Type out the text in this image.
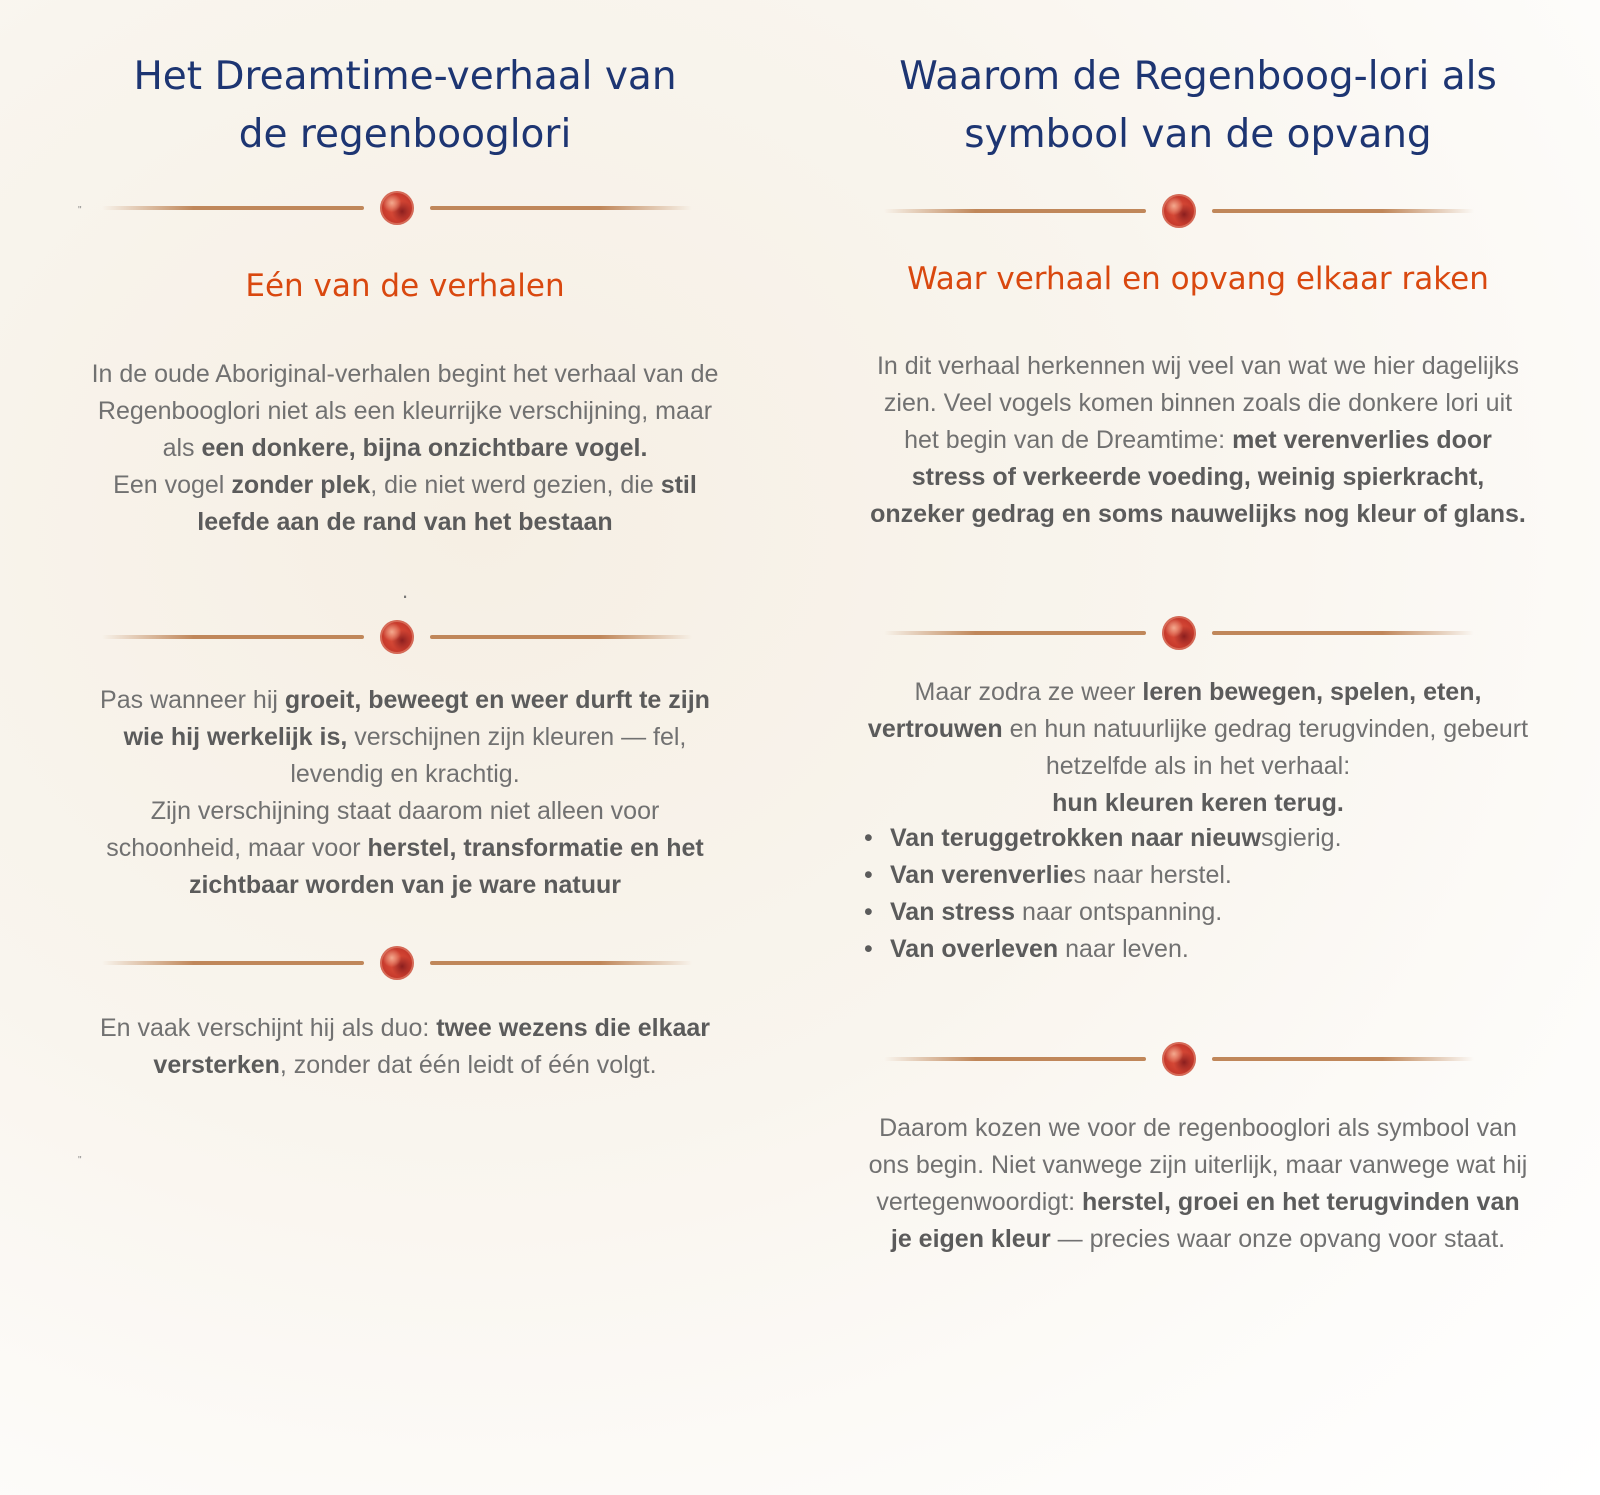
"
"
Het Dreamtime-verhaal van de regenbooglori
Eén van de verhalen

In de oude Aboriginal-verhalen begint het verhaal van de Regenbooglori niet als een kleurrijke verschijning, maar als een donkere, bijna onzichtbare vogel.
Een vogel zonder plek, die niet werd gezien, die stil leefde aan de rand van het bestaan

.

Pas wanneer hij groeit, beweegt en weer durft te zijn wie hij werkelijk is, verschijnen zijn kleuren — fel, levendig en krachtig.
Zijn verschijning staat daarom niet alleen voor schoonheid, maar voor herstel, transformatie en het zichtbaar worden van je ware natuur

En vaak verschijnt hij als duo: twee wezens die elkaar versterken, zonder dat één leidt of één volgt.

Waarom de Regenboog-lori als symbool van de opvang
Waar verhaal en opvang elkaar raken

In dit verhaal herkennen wij veel van wat we hier dagelijks zien. Veel vogels komen binnen zoals die donkere lori uit het begin van de Dreamtime: met verenverlies door stress of verkeerde voeding, weinig spierkracht, onzeker gedrag en soms nauwelijks nog kleur of glans.

Maar zodra ze weer leren bewegen, spelen, eten, vertrouwen en hun natuurlijke gedrag terugvinden, gebeurt hetzelfde als in het verhaal:
hun kleuren keren terug.

• Van teruggetrokken naar nieuwsgierig.
• Van verenverlies naar herstel.
• Van stress naar ontspanning.
• Van overleven naar leven.

Daarom kozen we voor de regenbooglori als symbool van ons begin. Niet vanwege zijn uiterlijk, maar vanwege wat hij vertegenwoordigt: herstel, groei en het terugvinden van je eigen kleur — precies waar onze opvang voor staat.
